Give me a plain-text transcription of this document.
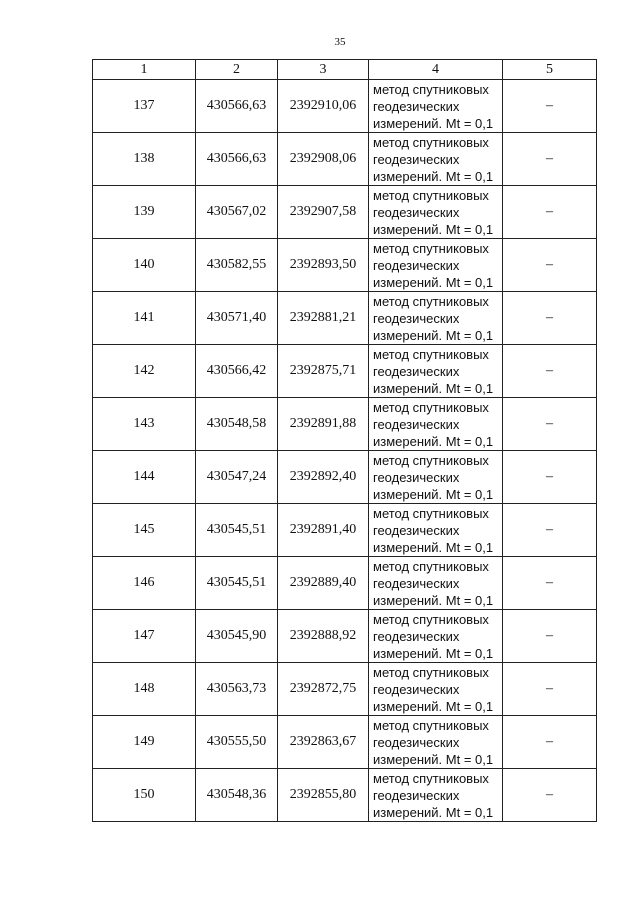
35
1	2	3	4	5
137	430566,63	2392910,06	метод спутниковых геодезических измерений. Mt = 0,1	–
138	430566,63	2392908,06	метод спутниковых геодезических измерений. Mt = 0,1	–
139	430567,02	2392907,58	метод спутниковых геодезических измерений. Mt = 0,1	–
140	430582,55	2392893,50	метод спутниковых геодезических измерений. Mt = 0,1	–
141	430571,40	2392881,21	метод спутниковых геодезических измерений. Mt = 0,1	–
142	430566,42	2392875,71	метод спутниковых геодезических измерений. Mt = 0,1	–
143	430548,58	2392891,88	метод спутниковых геодезических измерений. Mt = 0,1	–
144	430547,24	2392892,40	метод спутниковых геодезических измерений. Mt = 0,1	–
145	430545,51	2392891,40	метод спутниковых геодезических измерений. Mt = 0,1	–
146	430545,51	2392889,40	метод спутниковых геодезических измерений. Mt = 0,1	–
147	430545,90	2392888,92	метод спутниковых геодезических измерений. Mt = 0,1	–
148	430563,73	2392872,75	метод спутниковых геодезических измерений. Mt = 0,1	–
149	430555,50	2392863,67	метод спутниковых геодезических измерений. Mt = 0,1	–
150	430548,36	2392855,80	метод спутниковых геодезических измерений. Mt = 0,1	–
